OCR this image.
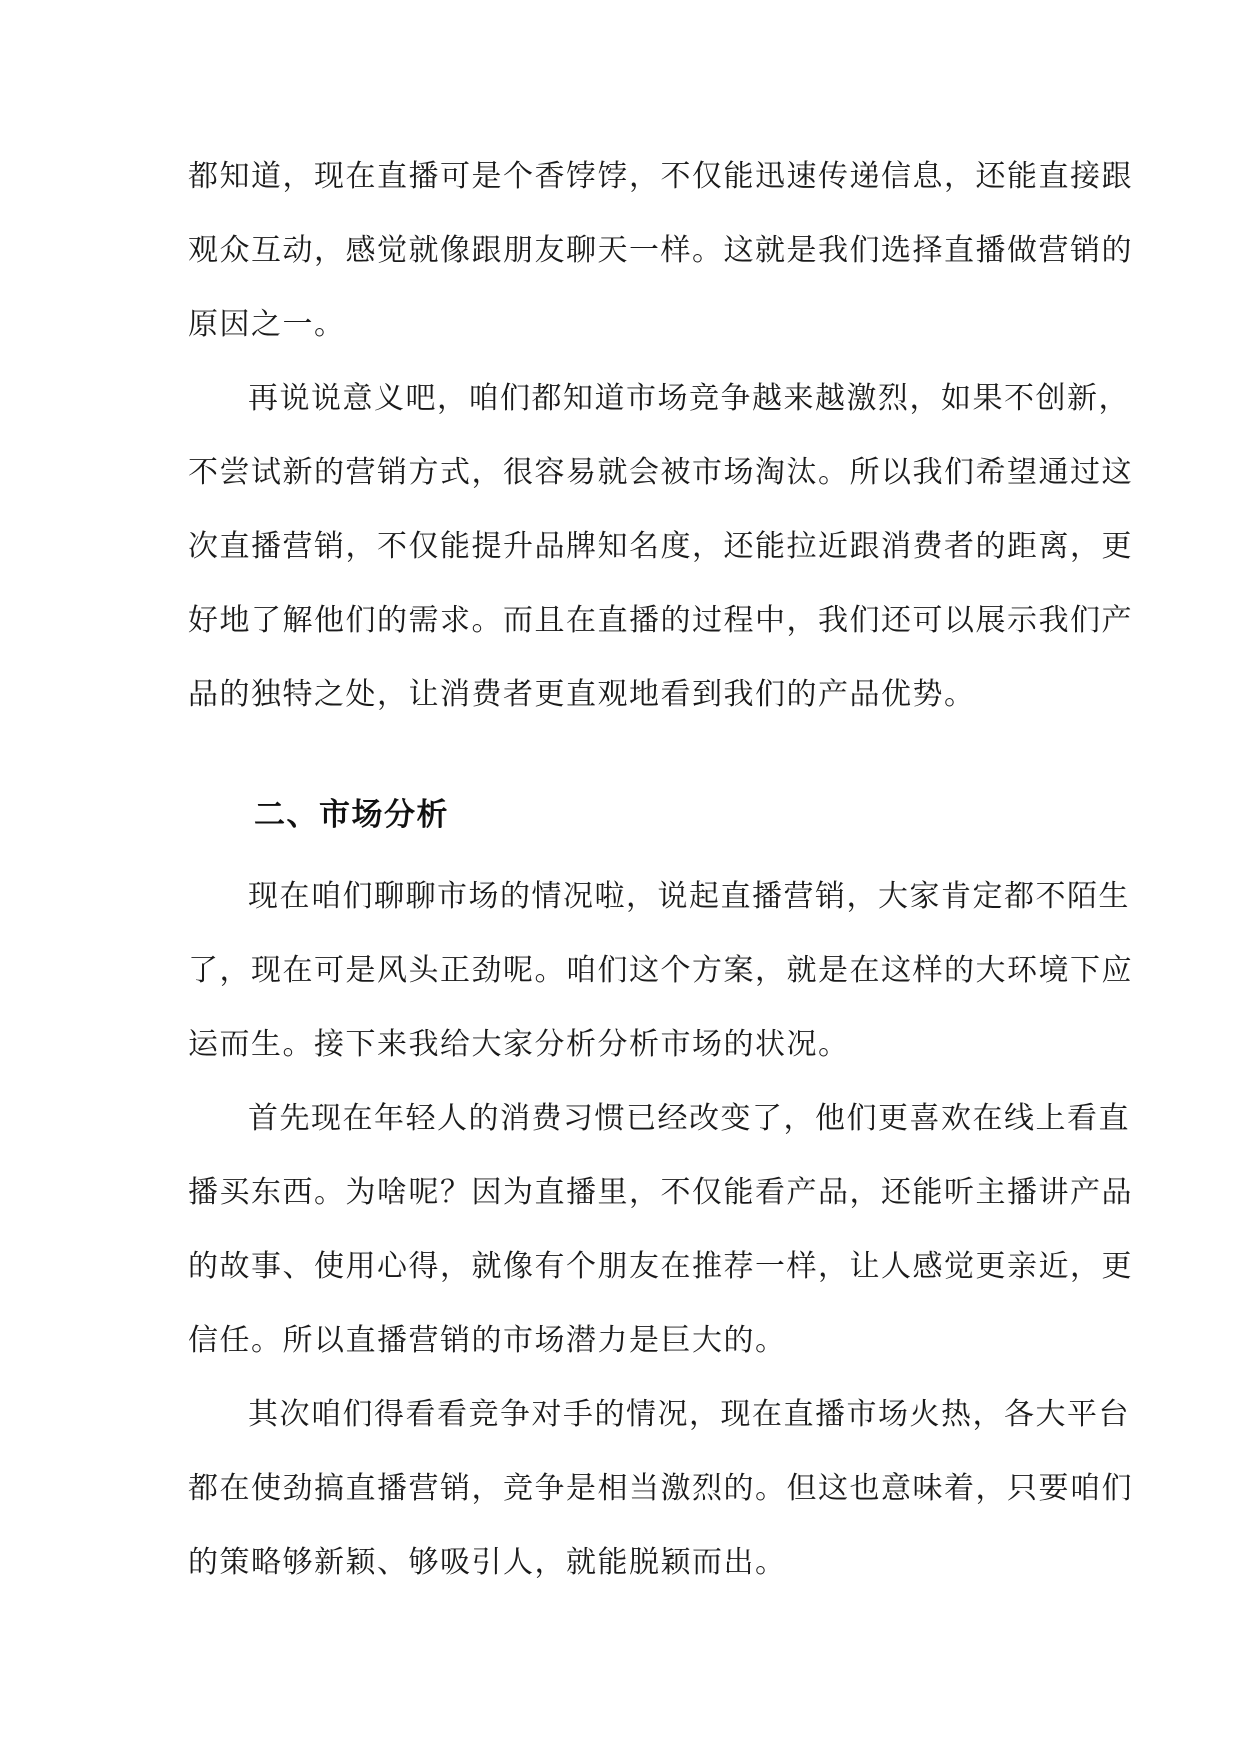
都知道，现在直播可是个香饽饽，不仅能迅速传递信息，还能直接跟
观众互动，感觉就像跟朋友聊天一样。这就是我们选择直播做营销的
原因之一。
再说说意义吧，咱们都知道市场竞争越来越激烈，如果不创新，
不尝试新的营销方式，很容易就会被市场淘汰。所以我们希望通过这
次直播营销，不仅能提升品牌知名度，还能拉近跟消费者的距离，更
好地了解他们的需求。而且在直播的过程中，我们还可以展示我们产
品的独特之处，让消费者更直观地看到我们的产品优势。
二、市场分析
现在咱们聊聊市场的情况啦，说起直播营销，大家肯定都不陌生
了，现在可是风头正劲呢。咱们这个方案，就是在这样的大环境下应
运而生。接下来我给大家分析分析市场的状况。
首先现在年轻人的消费习惯已经改变了，他们更喜欢在线上看直
播买东西。为啥呢？因为直播里，不仅能看产品，还能听主播讲产品
的故事、使用心得，就像有个朋友在推荐一样，让人感觉更亲近，更
信任。所以直播营销的市场潜力是巨大的。
其次咱们得看看竞争对手的情况，现在直播市场火热，各大平台
都在使劲搞直播营销，竞争是相当激烈的。但这也意味着，只要咱们
的策略够新颖、够吸引人，就能脱颖而出。
